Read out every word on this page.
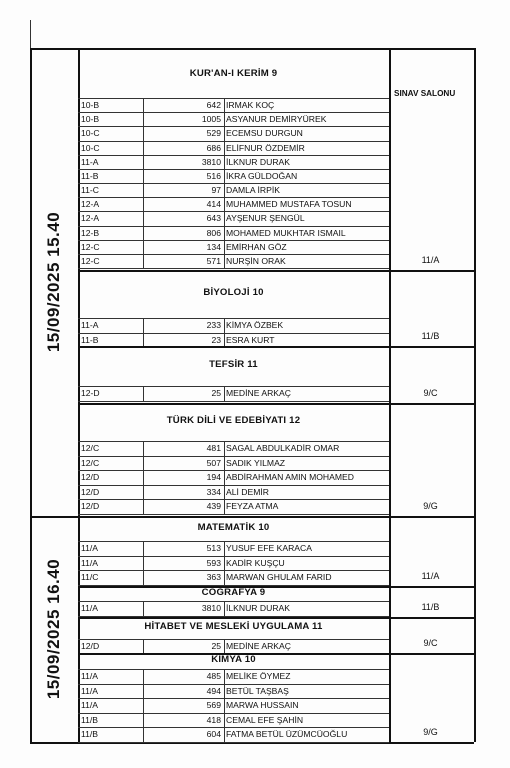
SINAV SALONU
15/09/2025 15.40
KUR'AN-I KERİM 9
10-B	642 IRMAK KOÇ
10-B	1005 ASYANUR DEMİRYÜREK
10-C	529 ECEMSU DURGUN
10-C	686 ELİFNUR ÖZDEMİR
11-A	3810 İLKNUR DURAK
11-B	516 İKRA GÜLDOĞAN
11-C	97 DAMLA İRPİK
12-A	414 MUHAMMED MUSTAFA TOSUN
12-A	643 AYŞENUR ŞENGÜL
12-B	806 MOHAMED MUKHTAR ISMAIL
12-C	134 EMİRHAN GÖZ
12-C	571 NURŞİN ORAK	11/A
BİYOLOJİ 10
11-A	233 KİMYA ÖZBEK
11-B	23 ESRA KURT	11/B
TEFSİR 11
12-D	25 MEDİNE ARKAÇ	9/C
TÜRK DİLİ VE EDEBİYATI 12
12/C	481 SAGAL ABDULKADİR OMAR
12/C	507 SADIK YILMAZ
12/D	194 ABDİRAHMAN AMIN MOHAMED
12/D	334 ALİ DEMİR
12/D	439 FEYZA ATMA	9/G
15/09/2025 16.40
MATEMATİK 10
11/A	513 YUSUF EFE KARACA
11/A	593 KADİR KUŞÇU
11/C	363 MARWAN GHULAM FARID	11/A
COĞRAFYA 9
11/A	3810 İLKNUR DURAK	11/B
HİTABET VE MESLEKİ UYGULAMA 11
12/D	25 MEDİNE ARKAÇ	9/C
KİMYA 10
11/A	485 MELİKE ÖYMEZ
11/A	494 BETÜL TAŞBAŞ
11/A	569 MARWA HUSSAIN
11/B	418 CEMAL EFE ŞAHİN
11/B	604 FATMA BETÜL ÜZÜMCÜOĞLU	9/G
